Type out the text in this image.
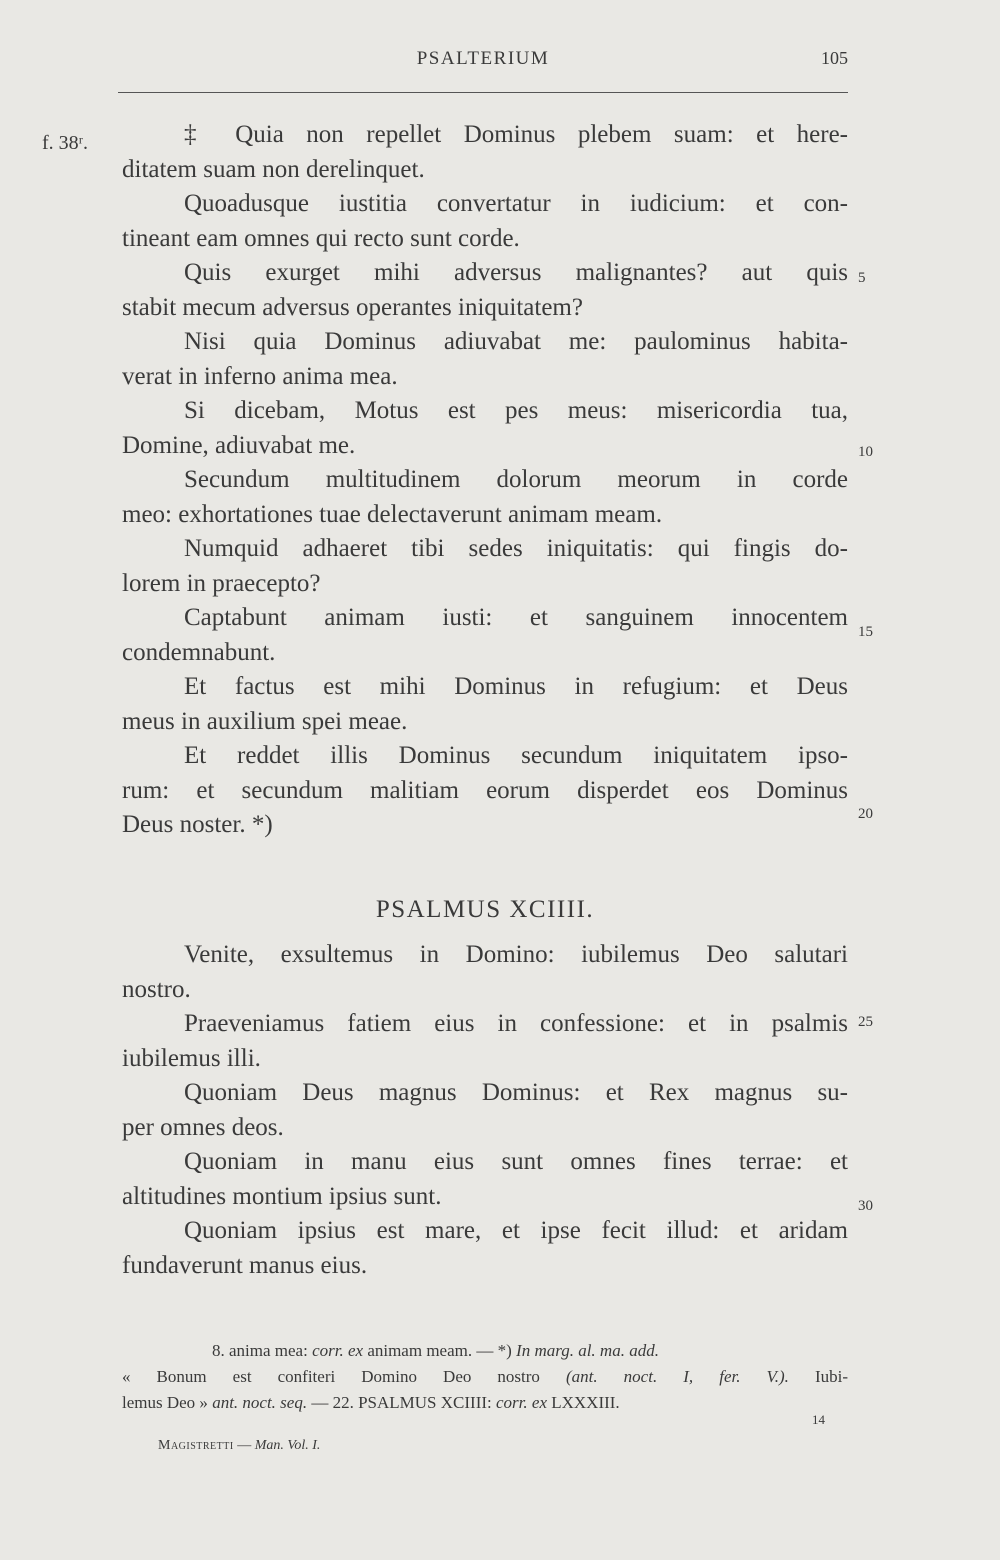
PSALTERIUM	105
f. 38ʳ.
5
10
15
20
25
30
‡ Quia non repellet Dominus plebem suam: et here-
ditatem suam non derelinquet.
Quoadusque iustitia convertatur in iudicium: et con-
tineant eam omnes qui recto sunt corde.
Quis exurget mihi adversus malignantes? aut quis
stabit mecum adversus operantes iniquitatem?
Nisi quia Dominus adiuvabat me: paulominus habita-
verat in inferno anima mea.
Si dicebam, Motus est pes meus: misericordia tua,
Domine, adiuvabat me.
Secundum multitudinem dolorum meorum in corde
meo: exhortationes tuae delectaverunt animam meam.
Numquid adhaeret tibi sedes iniquitatis: qui fingis do-
lorem in praecepto?
Captabunt animam iusti: et sanguinem innocentem
condemnabunt.
Et factus est mihi Dominus in refugium: et Deus
meus in auxilium spei meae.
Et reddet illis Dominus secundum iniquitatem ipso-
rum: et secundum malitiam eorum disperdet eos Dominus
Deus noster. *)
PSALMUS XCIIII.
Venite, exsultemus in Domino: iubilemus Deo salutari
nostro.
Praeveniamus fatiem eius in confessione: et in psalmis
iubilemus illi.
Quoniam Deus magnus Dominus: et Rex magnus su-
per omnes deos.
Quoniam in manu eius sunt omnes fines terrae: et
altitudines montium ipsius sunt.
Quoniam ipsius est mare, et ipse fecit illud: et aridam
fundaverunt manus eius.
8. anima mea: corr. ex animam meam. — *) In marg. al. ma. add.
« Bonum est confiteri Domino Deo nostro (ant. noct. I, fer. V.). Iubi-
lemus Deo » ant. noct. seq. — 22. PSALMUS XCIIII: corr. ex LXXXIII.
14
Magistretti — Man. Vol. I.
